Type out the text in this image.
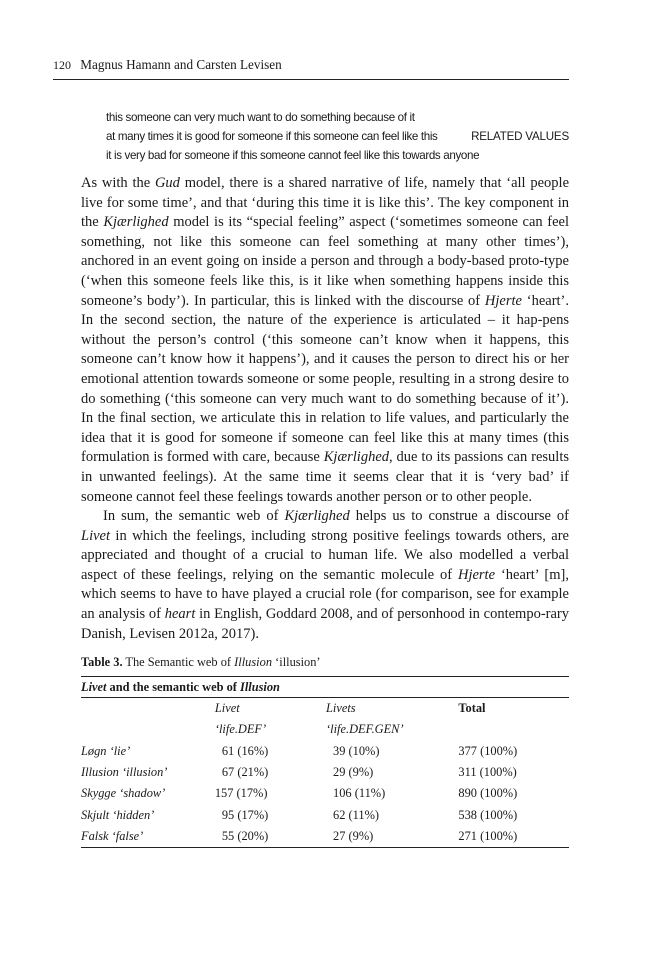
120 Magnus Hamann and Carsten Levisen
this someone can very much want to do something because of it
at many times it is good for someone if this someone can feel like this	RELATED VALUES
it is very bad for someone if this someone cannot feel like this towards anyone

As with the Gud model, there is a shared narrative of life, namely that ‘all people live for some time’, and that ‘during this time it is like this’. The key component in the Kjærlighed model is its “special feeling” aspect (‘sometimes someone can feel something, not like this someone can feel something at many other times’), anchored in an event going on inside a person and through a body-based proto-type (‘when this someone feels like this, is it like when something happens inside this someone’s body’). In particular, this is linked with the discourse of Hjerte ‘heart’. In the second section, the nature of the experience is articulated – it hap-pens without the person’s control (‘this someone can’t know when it happens, this someone can’t know how it happens’), and it causes the person to direct his or her emotional attention towards someone or some people, resulting in a strong desire to do something (‘this someone can very much want to do something because of it’). In the final section, we articulate this in relation to life values, and particularly the idea that it is good for someone if someone can feel like this at many times (this formulation is formed with care, because Kjærlighed, due to its passions can results in unwanted feelings). At the same time it seems clear that it is ‘very bad’ if someone cannot feel these feelings towards another person or to other people.

In sum, the semantic web of Kjærlighed helps us to construe a discourse of Livet in which the feelings, including strong positive feelings towards others, are appreciated and thought of a crucial to human life. We also modelled a verbal aspect of these feelings, relying on the semantic molecule of Hjerte ‘heart’ [m], which seems to have to have played a crucial role (for comparison, see for example an analysis of heart in English, Goddard 2008, and of personhood in contempo-rary Danish, Levisen 2012a, 2017).

Table 3. The Semantic web of Illusion ‘illusion’
Livet and the semantic web of Illusion
	Livet	Livets	Total
	‘life.DEF’	‘life.DEF.GEN’	
Løgn ‘lie’	61 (16%)	39 (10%)	377 (100%)
Illusion ‘illusion’	67 (21%)	29 (9%)	311 (100%)
Skygge ‘shadow’	157 (17%)	106 (11%)	890 (100%)
Skjult ‘hidden’	95 (17%)	62 (11%)	538 (100%)
Falsk ‘false’	55 (20%)	27 (9%)	271 (100%)
